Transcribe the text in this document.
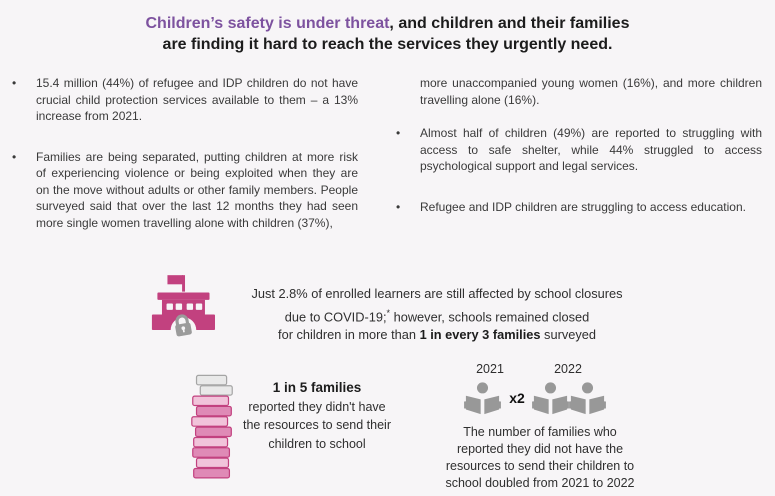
Children’s safety is under threat, and children and their families
are finding it hard to reach the services they urgently need.
•	15.4 million (44%) of refugee and IDP children do not have crucial child protection services available to them – a 13% increase from 2021.
•	Families are being separated, putting children at more risk of experiencing violence or being exploited when they are on the move without adults or other family members. People surveyed said that over the last 12 months they had seen more single women travelling alone with children (37%),
more unaccompanied young women (16%), and more children travelling alone (16%).
•	Almost half of children (49%) are reported to struggling with access to safe shelter, while 44% struggled to access psychological support and legal services.
•	Refugee and IDP children are struggling to access education.
Just 2.8% of enrolled learners are still affected by school closures
due to COVID-19;* however, schools remained closed
for children in more than 1 in every 3 families surveyed
1 in 5 families
reported they didn't have
the resources to send their
children to school
2021	2022
x2
The number of families who
reported they did not have the
resources to send their children to
school doubled from 2021 to 2022
